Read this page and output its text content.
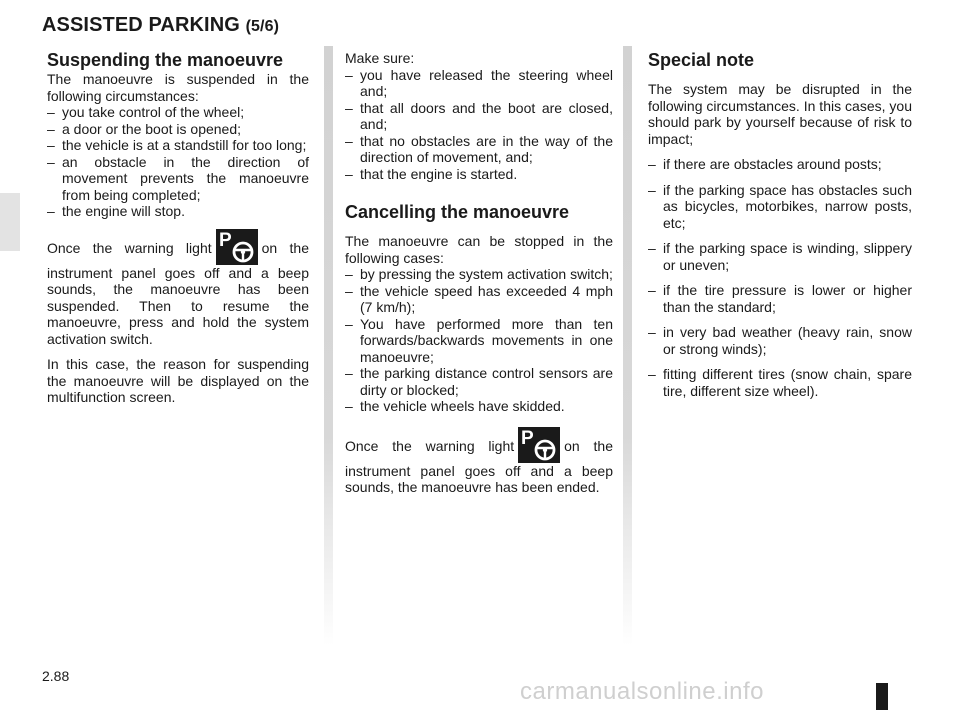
ASSISTED PARKING (5/6)
Suspending the manoeuvre

The manoeuvre is suspended in the following circumstances:

– you take control of the wheel;
– a door or the boot is opened;
– the vehicle is at a standstill for too long;
– an obstacle in the direction of movement prevents the manoeuvre from being completed;
– the engine will stop.

Once the warning light P on the instrument panel goes off and a beep sounds, the manoeuvre has been suspended. Then to resume the manoeuvre, press and hold the system activation switch.

In this case, the reason for suspending the manoeuvre will be displayed on the multifunction screen.

Make sure:

– you have released the steering wheel and;
– that all doors and the boot are closed, and;
– that no obstacles are in the way of the direction of movement, and;
– that the engine is started.
Cancelling the manoeuvre

The manoeuvre can be stopped in the following cases:

– by pressing the system activation switch;
– the vehicle speed has exceeded 4 mph (7 km/h);
– You have performed more than ten forwards/backwards movements in one manoeuvre;
– the parking distance control sensors are dirty or blocked;
– the vehicle wheels have skidded.

Once the warning light P on the instrument panel goes off and a beep sounds, the manoeuvre has been ended.

Special note

The system may be disrupted in the following circumstances. In this cases, you should park by yourself because of risk to impact;

– if there are obstacles around posts;
– if the parking space has obstacles such as bicycles, motorbikes, narrow posts, etc;
– if the parking space is winding, slippery or uneven;
– if the tire pressure is lower or higher than the standard;
– in very bad weather (heavy rain, snow or strong winds);
– fitting different tires (snow chain, spare tire, different size wheel).
2.88
carmanualsonline.info
